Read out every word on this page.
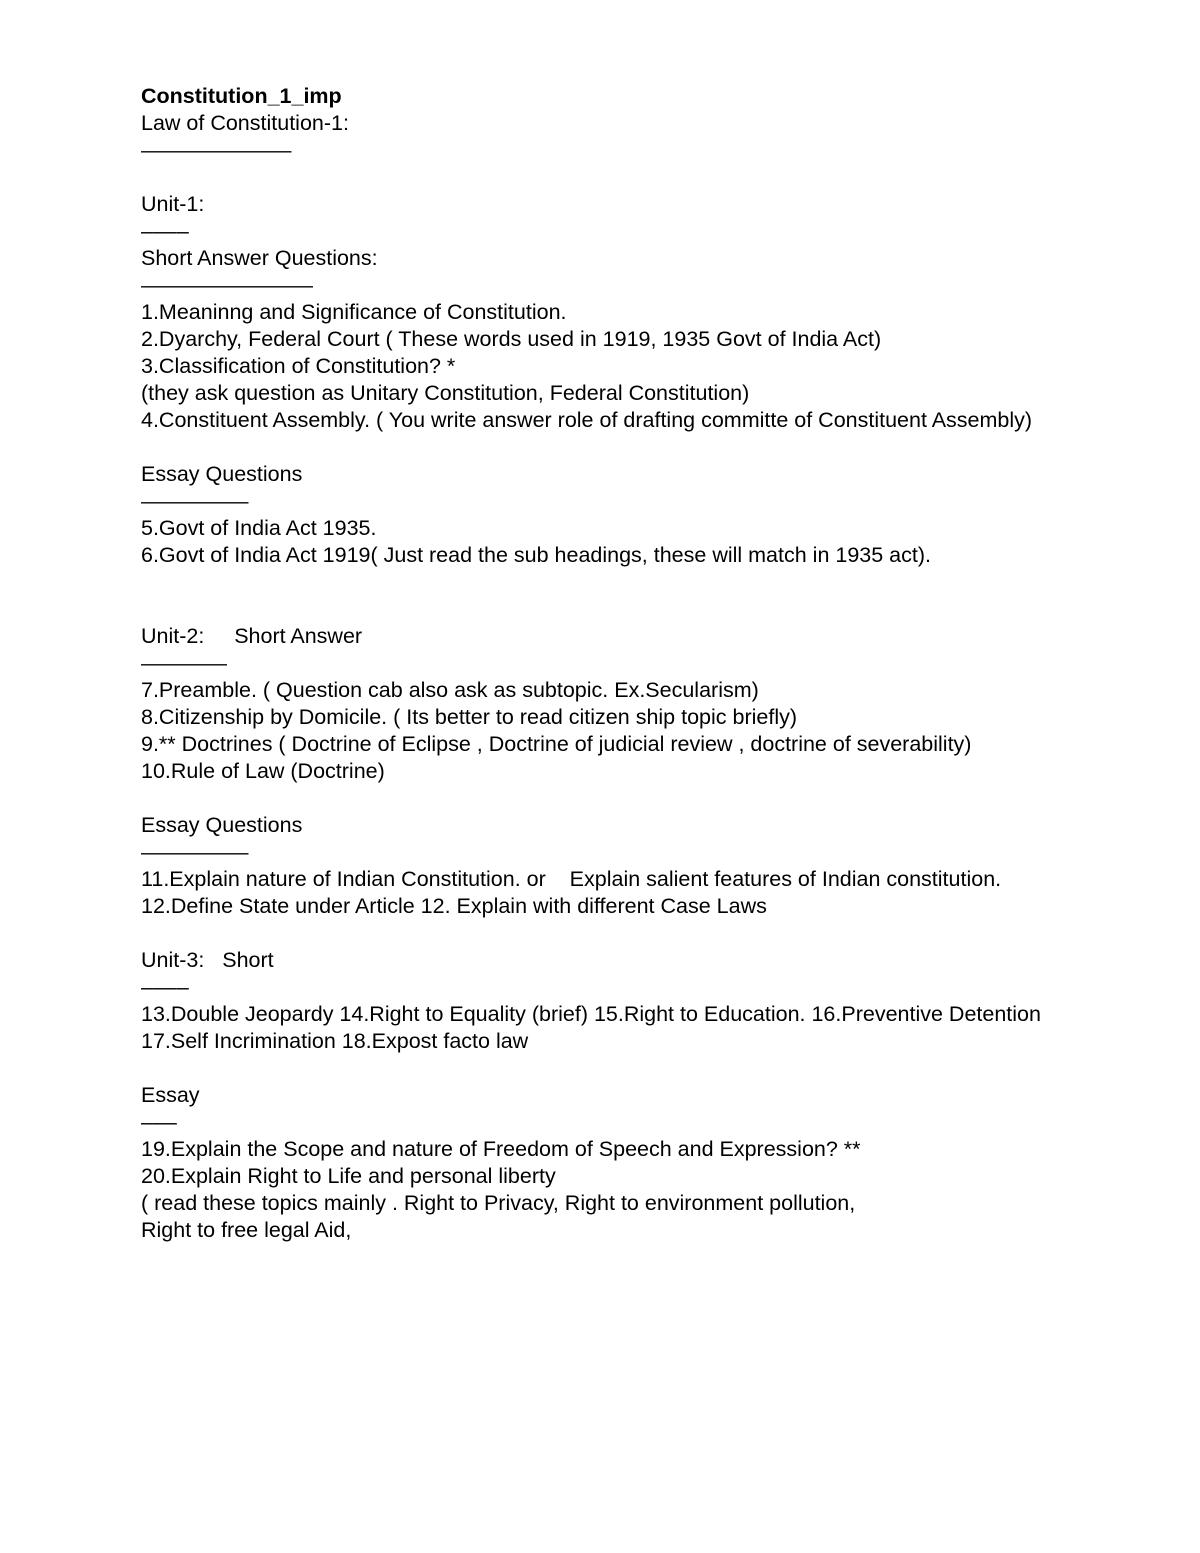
Constitution_1_imp
Law of Constitution-1:
———————
Unit-1:
––––
Short Answer Questions:
————————
1.Meaninng and Significance of Constitution.
2.Dyarchy, Federal Court ( These words used in 1919, 1935 Govt of India Act)
3.Classification of Constitution? *
(they ask question as Unitary Constitution, Federal Constitution)
4.Constituent Assembly. ( You write answer role of drafting committe of Constituent Assembly)
Essay Questions
—————
5.Govt of India Act 1935.
6.Govt of India Act 1919( Just read the sub headings, these will match in 1935 act).
Unit-2:     Short Answer
————
7.Preamble. ( Question cab also ask as subtopic. Ex.Secularism)
8.Citizenship by Domicile. ( Its better to read citizen ship topic briefly)
9.** Doctrines ( Doctrine of Eclipse , Doctrine of judicial review , doctrine of severability)
10.Rule of Law (Doctrine)
Essay Questions
—————
11.Explain nature of Indian Constitution. or    Explain salient features of Indian constitution.
12.Define State under Article 12. Explain with different Case Laws
Unit-3:   Short
––––
13.Double Jeopardy 14.Right to Equality (brief) 15.Right to Education. 16.Preventive Detention
17.Self Incrimination 18.Expost facto law
Essay
–––
19.Explain the Scope and nature of Freedom of Speech and Expression? **
20.Explain Right to Life and personal liberty
( read these topics mainly . Right to Privacy, Right to environment pollution,
Right to free legal Aid,
